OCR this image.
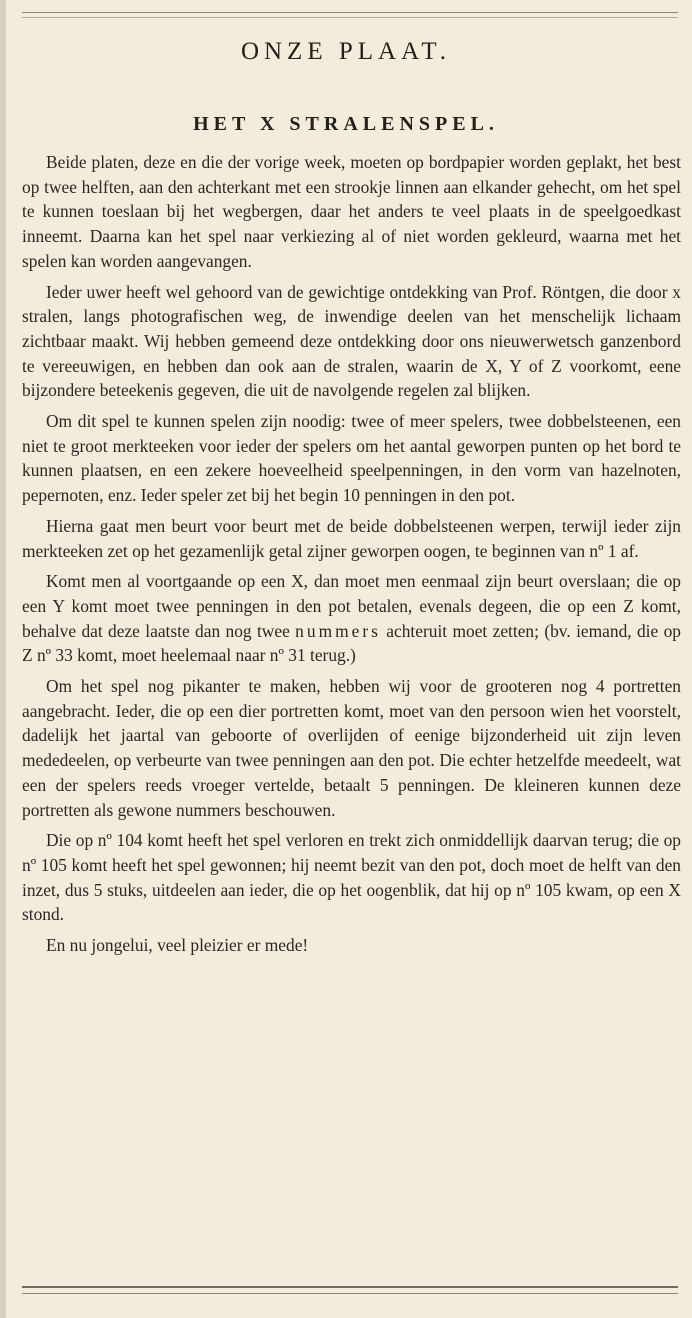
ONZE PLAAT.
HET X STRALENSPEL.

Beide platen, deze en die der vorige week, moeten op bordpapier worden geplakt, het best op twee helften, aan den achterkant met een strookje linnen aan elkander gehecht, om het spel te kunnen toeslaan bij het wegbergen, daar het anders te veel plaats in de speelgoedkast inneemt. Daarna kan het spel naar verkiezing al of niet worden gekleurd, waarna met het spelen kan worden aangevangen.

Ieder uwer heeft wel gehoord van de gewichtige ontdekking van Prof. Röntgen, die door x stralen, langs photografischen weg, de inwendige deelen van het menschelijk lichaam zichtbaar maakt. Wij hebben gemeend deze ontdekking door ons nieuwerwetsch ganzenbord te vereeuwigen, en hebben dan ook aan de stralen, waarin de X, Y of Z voorkomt, eene bijzondere beteekenis gegeven, die uit de navolgende regelen zal blijken.

Om dit spel te kunnen spelen zijn noodig: twee of meer spelers, twee dobbelsteenen, een niet te groot merkteeken voor ieder der spelers om het aantal geworpen punten op het bord te kunnen plaatsen, en een zekere hoeveelheid speelpenningen, in den vorm van hazelnoten, pepernoten, enz. Ieder speler zet bij het begin 10 penningen in den pot.

Hierna gaat men beurt voor beurt met de beide dobbelsteenen werpen, terwijl ieder zijn merkteeken zet op het gezamenlijk getal zijner geworpen oogen, te beginnen van nº 1 af.

Komt men al voortgaande op een X, dan moet men eenmaal zijn beurt overslaan; die op een Y komt moet twee penningen in den pot betalen, evenals degeen, die op een Z komt, behalve dat deze laatste dan nog twee nummers achteruit moet zetten; (bv. iemand, die op Z nº 33 komt, moet heelemaal naar nº 31 terug.)

Om het spel nog pikanter te maken, hebben wij voor de grooteren nog 4 portretten aangebracht. Ieder, die op een dier portretten komt, moet van den persoon wien het voorstelt, dadelijk het jaartal van geboorte of overlijden of eenige bijzonderheid uit zijn leven mededeelen, op verbeurte van twee penningen aan den pot. Die echter hetzelfde meedeelt, wat een der spelers reeds vroeger vertelde, betaalt 5 penningen. De kleineren kunnen deze portretten als gewone nummers beschouwen.

Die op nº 104 komt heeft het spel verloren en trekt zich onmiddellijk daarvan terug; die op nº 105 komt heeft het spel gewonnen; hij neemt bezit van den pot, doch moet de helft van den inzet, dus 5 stuks, uitdeelen aan ieder, die op het oogenblik, dat hij op nº 105 kwam, op een X stond.

En nu jongelui, veel pleizier er mede!
